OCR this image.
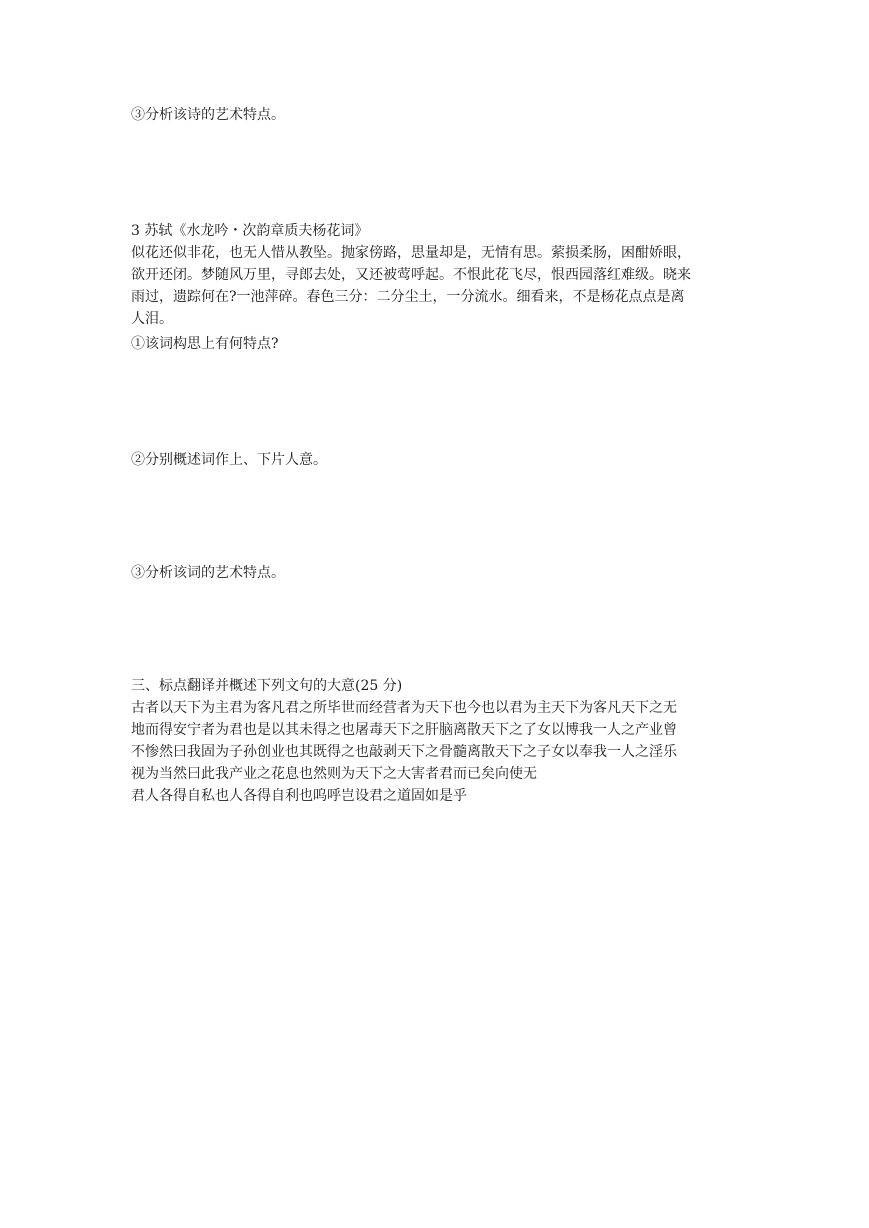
③分析该诗的艺术特点。
3 苏轼《水龙吟・次韵章质夫杨花词》
似花还似非花，也无人惜从教坠。抛家傍路，思量却是，无情有思。萦损柔肠，困酣娇眼，
欲开还闭。梦随风万里，寻郎去处，又还被莺呼起。不恨此花飞尽，恨西园落红难级。晓来
雨过，遗踪何在?一池萍碎。春色三分：二分尘土，一分流水。细看来，不是杨花点点是离
人泪。
①该词构思上有何特点?
②分别概述词作上、下片人意。
③分析该词的艺术特点。
三、标点翻译并概述下列文句的大意(25 分)
古者以天下为主君为客凡君之所毕世而经营者为天下也今也以君为主天下为客凡天下之无
地而得安宁者为君也是以其未得之也屠毒天下之肝脑离散天下之了女以博我一人之产业曾
不惨然曰我固为子孙创业也其既得之也敲剥天下之骨髓离散天下之子女以奉我一人之淫乐
视为当然曰此我产业之花息也然则为天下之大害者君而已矣向使无
君人各得自私也人各得自利也呜呼岂设君之道固如是乎
